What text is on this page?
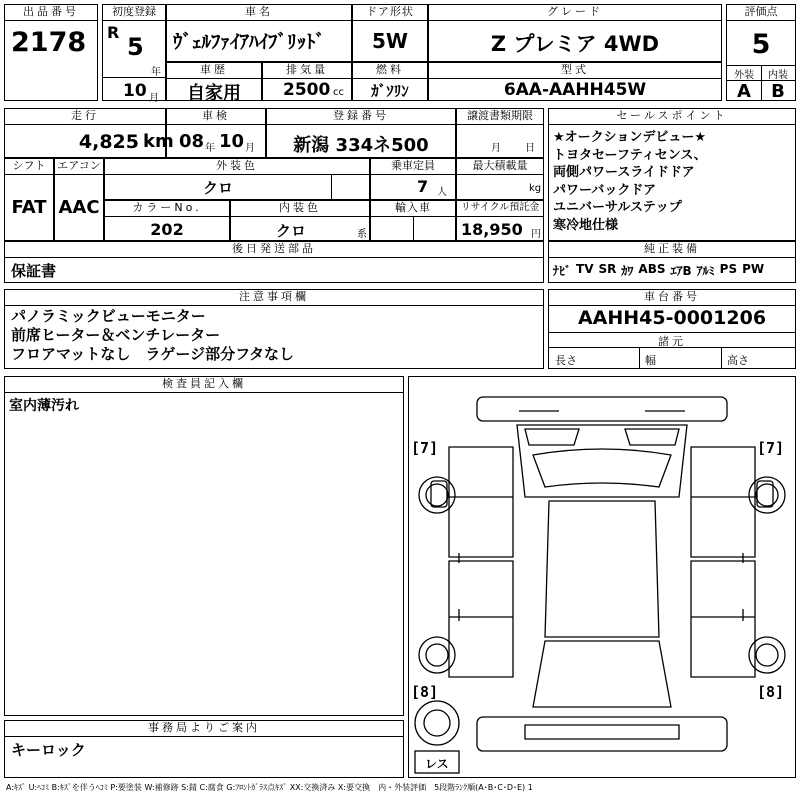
出品番号
2178
初度登録
R
5
年
10 月
車名
ｳﾞｪﾙﾌｧｲｱﾊｲﾌﾞﾘｯﾄﾞ
ドア形状
5W
グレード
Z プレミア 4WD
評価点
5
外装	内装
A	B
車歴
自家用
排気量
2500 cc
燃料
ｶﾞｿﾘﾝ
型式
6AA-AAHH45W
走行
4,825 km
車検
08 年 10 月
登録番号
新潟 334ネ500
譲渡書類期限
月 日
セールスポイント
★オークションデビュー★
トヨタセーフティセンス、
両側パワースライドドア
パワーバックドア
ユニバーサルステップ
寒冷地仕様
シフト
FAT
エアコン
AAC
外装色
クロ
乗車定員
7 人
最大積載量
kg
カラーNo.
202
内装色
クロ	系
輸入車	リサイクル預託金
18,950 円
後日発送部品
保証書
純正装備
ﾅﾋﾞ TV SR ｶﾜ ABS ｴｱB ｱﾙﾐ PS PW
注意事項欄
パノラミックビューモニター
前席ヒーター＆ベンチレーター
フロアマットなし　ラゲージ部分フタなし
車台番号
AAHH45-0001206
諸元
長さ	幅	高さ
検査員記入欄
室内薄汚れ
事務局よりご案内
キーロック
[7]	[7]
[8]	[8]
レス
A:ｷｽﾞ U:ﾍｺﾐ B:ｷｽﾞを伴うﾍｺﾐ P:要塗装 W:補修跡 S:錆 C:腐食 G:ﾌﾛﾝﾄｶﾞﾗｽ点ｷｽﾞ XX:交換済み X:要交換　内・外装評価　5段階ﾗﾝｸ順(A･B･C･D･E) 1
